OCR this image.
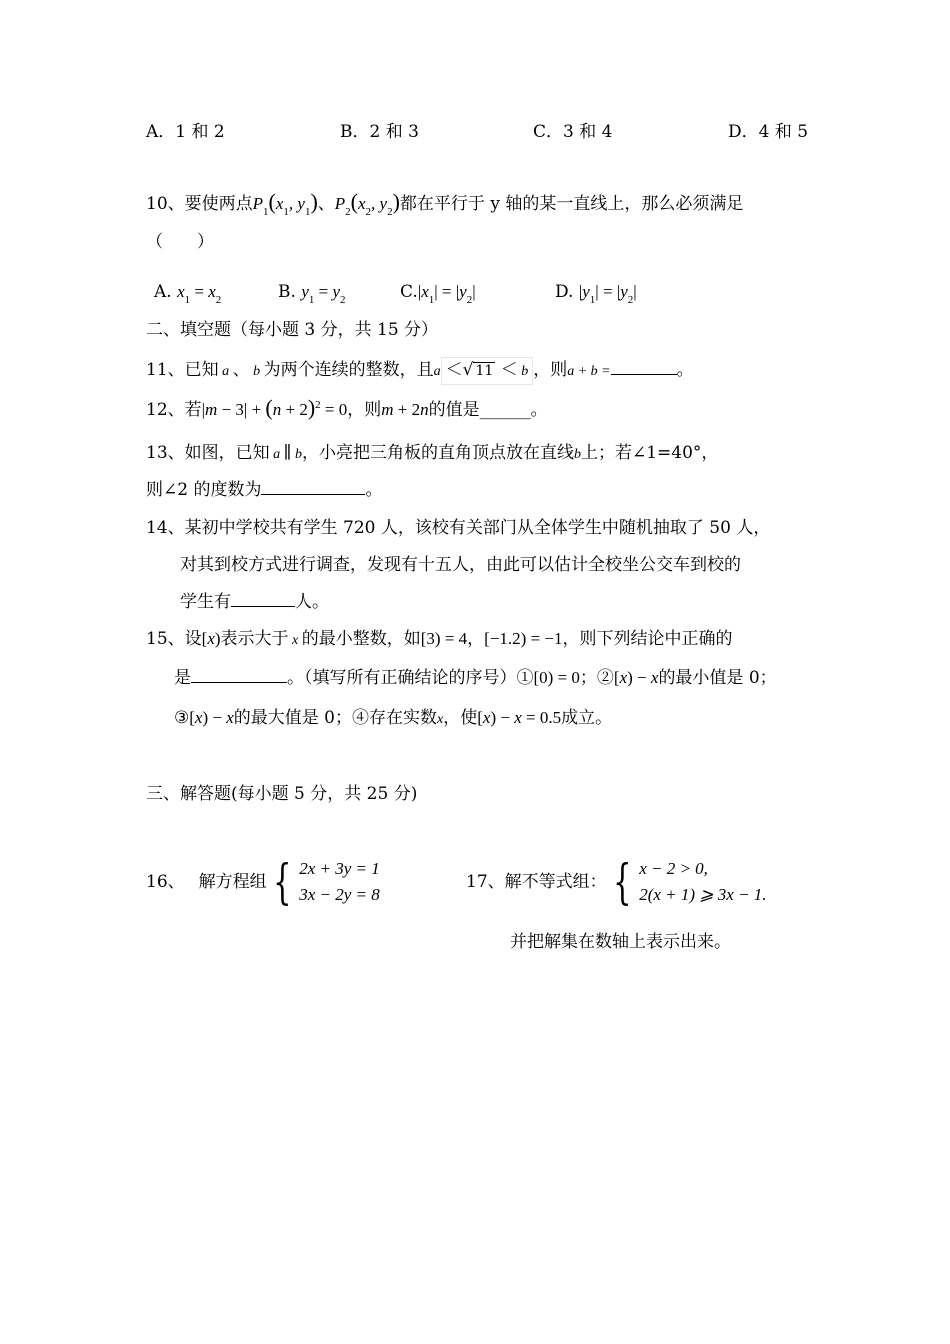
A．1 和 2	B．2 和 3	C．3 和 4	D．4 和 5
10、要使两点$P_1(x_1$, $y_1$)、$P_2(x_2$, $y_2$)都在平行于 y 轴的某一直线上，那么必须满足
（　　）
A. $x_1 = x_2$	B. $y_1 = y_2$	$C.|x_1| = |y_2|$	D. $|y_1| = |y_2|$
二、填空题（每小题 3 分，共 15 分）
11、已知 a 、 b 为两个连续的整数，且a ＜√ 11 ＜ b ，则a + b =	。
12、若$|m - 3| + (n + 2)^2 = 0$，则m + 2n的值是______。
13、如图，已知 a ∥ b，小亮把三角板的直角顶点放在直线b上；若∠1=40°，
则∠2 的度数为	。
14、某初中学校共有学生 720 人，该校有关部门从全体学生中随机抽取了 50 人，
对其到校方式进行调查，发现有十五人，由此可以估计全校坐公交车到校的
学生有	人。
15、设[x)表示大于 x 的最小整数，如[3) = 4，[−1.2) = −1，则下列结论中正确的
是	。（填写所有正确结论的序号）①[0) = 0；②[x) − x的最小值是 0；
③[x) − x的最大值是 0；④存在实数x，使[x) − x = 0.5成立。
三、解答题(每小题 5 分，共 25 分)
16、 解方程组 { 2x + 3y = 1
3x − 2y = 8
17、解不等式组： { x − 2 > 0,
2(x + 1) ⩾ 3x − 1.
并把解集在数轴上表示出来。
